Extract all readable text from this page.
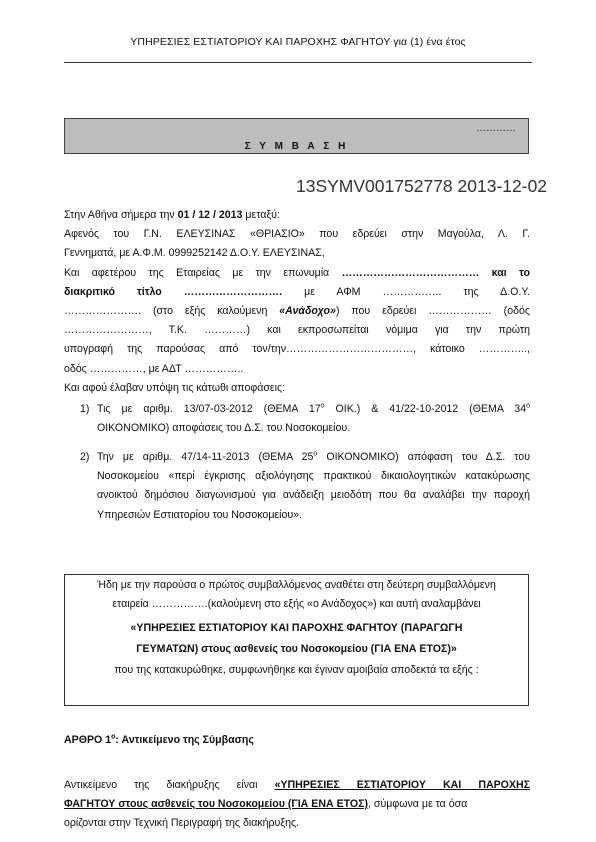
ΥΠΗΡΕΣΙΕΣ ΕΣΤΙΑΤΟΡΙΟΥ ΚΑΙ ΠΑΡΟΧΗΣ ΦΑΓΗΤΟΥ για (1) ένα έτος
…………
Σ Υ Μ Β Α Σ Η
13SYMV001752778 2013-12-02
Στην Αθήνα σήμερα την 01 / 12 / 2013 μεταξύ:
Αφενός του Γ.Ν. ΕΛΕΥΣΙΝΑΣ «ΘΡΙΑΣΙΟ» που εδρεύει στην Μαγούλα, Λ. Γ.
Γεννηματά, με Α.Φ.Μ. 0999252142 Δ.Ο.Υ. ΕΛΕΥΣΙΝΑΣ,
Και αφετέρου της Εταιρείας με την επωνυμία ………………………………… και το
διακριτικό τίτλο ………………………. με ΑΦΜ …………….. της Δ.Ο.Υ.
…………………. (στο εξής καλούμενη «Ανάδοχο») που εδρεύει ……………… (οδός
……………………, Τ.Κ. …………) και εκπροσωπείται νόμιμα για την πρώτη
υπογραφή της παρούσας από τον/την………………………………, κάτοικο …………..,
οδός ……………, με ΑΔΤ ……………..
Και αφού έλαβαν υπόψη τις κάτωθι αποφάσεις:
1) Τις με αριθμ. 13/07-03-2012 (ΘΕΜΑ $17^o$ ΟΙΚ.) & 41/22-10-2012 (ΘΕΜΑ $34^o$
ΟΙΚΟΝΟΜΙΚΟ) αποφάσεις του Δ.Σ. του Νοσοκομείου.
2) Την με αριθμ. 47/14-11-2013 (ΘΕΜΑ $25^o$ ΟΙΚΟΝΟΜΙΚΟ) απόφαση του Δ.Σ. του Νοσοκομείου «περί έγκρισης αξιολόγησης πρακτικού δικαιολογητικών κατακύρωσης ανοικτού δημόσιου διαγωνισμού για ανάδειξη μειοδότη που θα αναλάβει την παροχή Υπηρεσιών Εστιατορίου του Νοσοκομείου».
Ήδη με την παρούσα ο πρώτος συμβαλλόμενος αναθέτει στη δεύτερη συμβαλλόμενη
εταιρεία …………….(καλούμενη στο εξής «ο Ανάδοχος») και αυτή αναλαμβάνει
«ΥΠΗΡΕΣΙΕΣ ΕΣΤΙΑΤΟΡΙΟΥ ΚΑΙ ΠΑΡΟΧΗΣ ΦΑΓΗΤΟΥ (ΠΑΡΑΓΩΓΗ
ΓΕΥΜΑΤΩΝ) στους ασθενείς του Νοσοκομείου (ΓΙΑ ΕΝΑ ΕΤΟΣ)»
που της κατακυρώθηκε, συμφωνήθηκε και έγιναν αμοιβαία αποδεκτά τα εξής :
ΑΡΘΡΟ $1^o$: Αντικείμενο της Σύμβασης
Αντικείμενο της διακήρυξης είναι «ΥΠΗΡΕΣΙΕΣ ΕΣΤΙΑΤΟΡΙΟΥ ΚΑΙ ΠΑΡΟΧΗΣ
ΦΑΓΗΤΟΥ στους ασθενείς του Νοσοκομείου (ΓΙΑ ΕΝΑ ΕΤΟΣ), σύμφωνα με τα όσα
ορίζονται στην Τεχνική Περιγραφή της διακήρυξης.
